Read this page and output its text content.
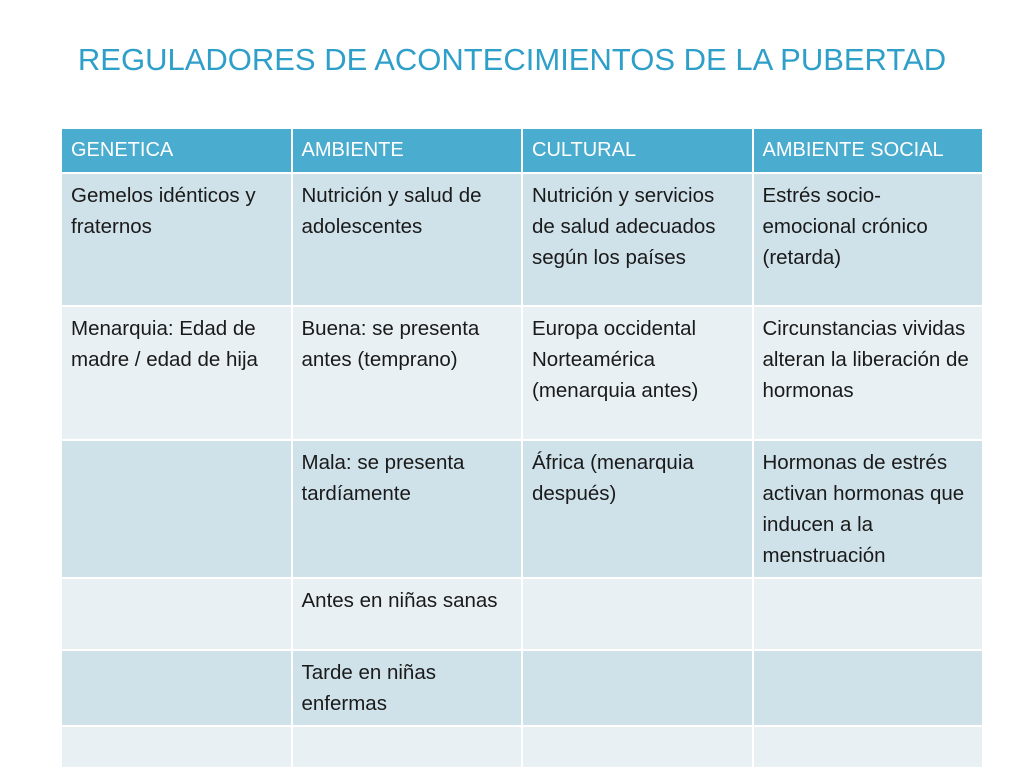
REGULADORES DE ACONTECIMIENTOS DE LA PUBERTAD
GENETICA	AMBIENTE	CULTURAL	AMBIENTE SOCIAL
Gemelos idénticos y fraternos	Nutrición y salud de adolescentes	Nutrición y servicios de salud adecuados según los países	Estrés socio-emocional crónico (retarda)
Menarquia: Edad de madre / edad de hija	Buena: se presenta antes (temprano)	Europa occidental Norteamérica (menarquia antes)	Circunstancias vividas alteran la liberación de hormonas
	Mala: se presenta tardíamente	África (menarquia después)	Hormonas de estrés activan hormonas que inducen a la menstruación
	Antes en niñas sanas		
	Tarde en niñas enfermas		
